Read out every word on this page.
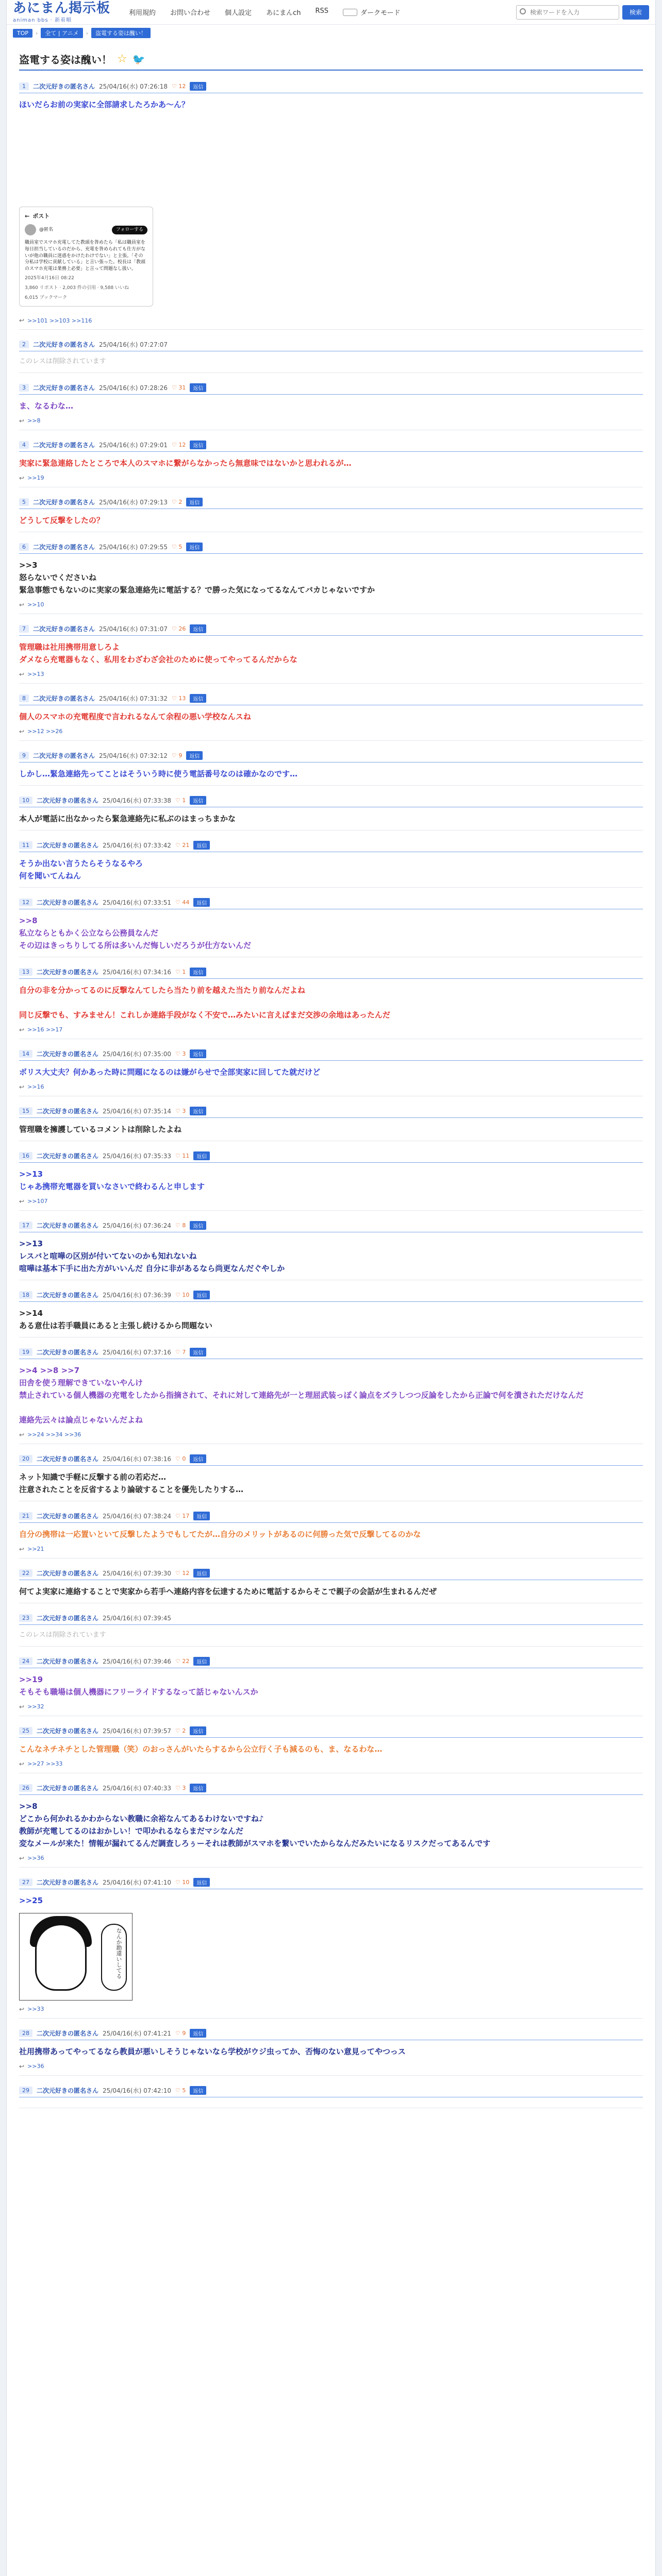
あにまん掲示板
animan bbs · 新着順
利用規約 お問い合わせ 個人設定 あにまんch RSS	ダークモード
検索ワードを入力	検索
TOP	›	全て | アニメ	›	盗電する姿は醜い！
盗電する姿は醜い！ ☆ 🐦
1	二次元好きの匿名さん 25/04/16(水) 07:26:18 ♡ 12	返信
ほいだらお前の実家に全部請求したろかあ〜ん？
← ポスト
@匿名	フォローする
職員室でスマホ充電してた教頭を咎めたら「私は職員室を毎日担当しているのだから、充電を咎められても仕方がないが他の職員に迷惑をかけたわけでない」と主張。「その分私は学校に貢献している」と言い張った。校長は「教頭のスマホ充電は業務上必要」と言って問題なし扱い。
2025年4月16日 08:22
3,860 リポスト · 2,003 件の引用 · 9,588 いいね
6,015 ブックマーク
↩ >>101 >>103 >>116
2	二次元好きの匿名さん 25/04/16(水) 07:27:07
このレスは削除されています
3	二次元好きの匿名さん 25/04/16(水) 07:28:26 ♡ 31	返信
ま、なるわな…
↩ >>8
4	二次元好きの匿名さん 25/04/16(水) 07:29:01 ♡ 12	返信
実家に緊急連絡したところで本人のスマホに繋がらなかったら無意味ではないかと思われるが…
↩ >>19
5	二次元好きの匿名さん 25/04/16(水) 07:29:13 ♡ 2	返信
どうして反撃をしたの？
6	二次元好きの匿名さん 25/04/16(水) 07:29:55 ♡ 5	返信
>>3
怒らないでくださいね
緊急事態でもないのに実家の緊急連絡先に電話する？で勝った気になってるなんてバカじゃないですか
↩ >>10
7	二次元好きの匿名さん 25/04/16(水) 07:31:07 ♡ 26	返信
管理職は社用携帯用意しろよ
ダメなら充電器もなく、私用をわざわざ会社のために使ってやってるんだからな
↩ >>13
8	二次元好きの匿名さん 25/04/16(水) 07:31:32 ♡ 13	返信
個人のスマホの充電程度で言われるなんて余程の悪い学校なんスね
↩ >>12 >>26
9	二次元好きの匿名さん 25/04/16(水) 07:32:12 ♡ 9	返信
しかし…緊急連絡先ってことはそういう時に使う電話番号なのは確かなのです…
10	二次元好きの匿名さん 25/04/16(水) 07:33:38 ♡ 1	返信
本人が電話に出なかったら緊急連絡先に私ぶのはまっちまかな
11	二次元好きの匿名さん 25/04/16(水) 07:33:42 ♡ 21	返信
そうか出ない言うたらそうなるやろ
何を聞いてんねん
12	二次元好きの匿名さん 25/04/16(水) 07:33:51 ♡ 44	返信
>>8
私立ならともかく公立なら公務員なんだ
その辺はきっちりしてる所は多いんだ悔しいだろうが仕方ないんだ
13	二次元好きの匿名さん 25/04/16(水) 07:34:16 ♡ 1	返信
自分の非を分かってるのに反撃なんてしたら当たり前を越えた当たり前なんだよね

同じ反撃でも、すみません！これしか連絡手段がなく不安で…みたいに言えばまだ交渉の余地はあったんだ
↩ >>16 >>17
14	二次元好きの匿名さん 25/04/16(水) 07:35:00 ♡ 3	返信
ボリス大丈夫？何かあった時に問題になるのは嫌がらせで全部実家に回してた就だけど
↩ >>16
15	二次元好きの匿名さん 25/04/16(水) 07:35:14 ♡ 3	返信
管理職を擁護しているコメントは削除したよね
16	二次元好きの匿名さん 25/04/16(水) 07:35:33 ♡ 11	返信
>>13
じゃあ携帯充電器を買いなさいで終わるんと申します
↩ >>107
17	二次元好きの匿名さん 25/04/16(水) 07:36:24 ♡ 8	返信
>>13
レスバと喧嘩の区別が付いてないのかも知れないね
喧嘩は基本下手に出た方がいいんだ 自分に非があるなら尚更なんだぐやしか
18	二次元好きの匿名さん 25/04/16(水) 07:36:39 ♡ 10	返信
>>14
ある意仕は若手職員にあると主張し続けるから問題ない
19	二次元好きの匿名さん 25/04/16(水) 07:37:16 ♡ 7	返信
>>4 >>8 >>7
田舎を使う理解できていないやんけ
禁止されている個人機器の充電をしたから指摘されて、それに対して連絡先が一と理屈武装っぽく論点をズラしつつ反論をしたから正論で何を潰されただけなんだ

連絡先云々は論点じゃないんだよね
↩ >>24 >>34 >>36
20	二次元好きの匿名さん 25/04/16(水) 07:38:16 ♡ 0	返信
ネット知識で手軽に反撃する前の若応だ…
注意されたことを反省するより論破することを優先したりする…
21	二次元好きの匿名さん 25/04/16(水) 07:38:24 ♡ 17	返信
自分の携帯は一応置いといて反撃したようでもしてたが…自分のメリットがあるのに何勝った気で反撃してるのかな
↩ >>21
22	二次元好きの匿名さん 25/04/16(水) 07:39:30 ♡ 12	返信
何てよ実家に連絡することで実家から若手へ連絡内容を伝達するために電話するからそこで親子の会話が生まれるんだぜ
23	二次元好きの匿名さん 25/04/16(水) 07:39:45
このレスは削除されています
24	二次元好きの匿名さん 25/04/16(水) 07:39:46 ♡ 22	返信
>>19
そもそも職場は個人機器にフリーライドするなって話じゃないんスか
↩ >>32
25	二次元好きの匿名さん 25/04/16(水) 07:39:57 ♡ 2	返信
こんなネチネチとした管理職（笑）のおっさんがいたらするから公立行く子も減るのも、ま、なるわな…
↩ >>27 >>33
26	二次元好きの匿名さん 25/04/16(水) 07:40:33 ♡ 3	返信
>>8
どこから何かれるかわからない教職に余裕なんてあるわけないですね♪
教師が充電してるのはおかしい！で叩かれるならまだマシなんだ
変なメールが来た！情報が漏れてるんだ調査しろぅーそれは教師がスマホを繋いでいたからなんだみたいになるリスクだってあるんです
↩ >>36
27	二次元好きの匿名さん 25/04/16(水) 07:41:10 ♡ 10	返信
>>25
なんか勘違いしてる
↩ >>33
28	二次元好きの匿名さん 25/04/16(水) 07:41:21 ♡ 9	返信
社用携帯あってやってるなら教員が悪いしそうじゃないなら学校がウジ虫ってか、否悔のない意見ってやつっス
↩ >>36
29	二次元好きの匿名さん 25/04/16(水) 07:42:10 ♡ 5	返信
